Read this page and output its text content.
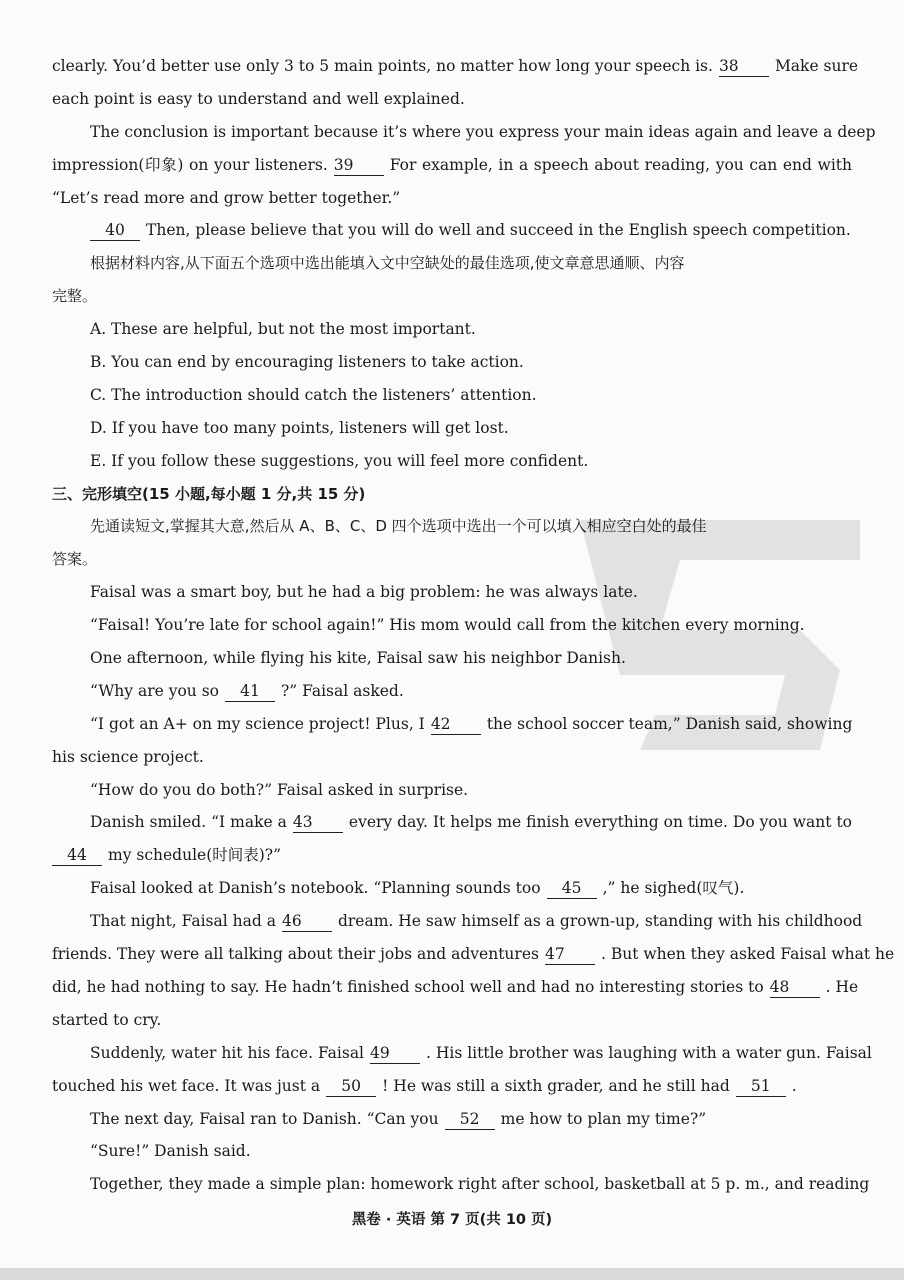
clearly. You’d better use only 3 to 5 main points, no matter how long your speech is. 38 Make sure
each point is easy to understand and well explained.
The conclusion is important because it’s where you express your main ideas again and leave a deep
impression(印象) on your listeners. 39 For example, in a speech about reading, you can end with
“Let’s read more and grow better together.”
40 Then, please believe that you will do well and succeed in the English speech competition.
根据材料内容,从下面五个选项中选出能填入文中空缺处的最佳选项,使文章意思通顺、内容
完整。
A. These are helpful, but not the most important.
B. You can end by encouraging listeners to take action.
C. The introduction should catch the listeners’ attention.
D. If you have too many points, listeners will get lost.
E. If you follow these suggestions, you will feel more confident.
三、完形填空(15 小题,每小题 1 分,共 15 分)
先通读短文,掌握其大意,然后从 A、B、C、D 四个选项中选出一个可以填入相应空白处的最佳
答案。
Faisal was a smart boy, but he had a big problem: he was always late.
“Faisal! You’re late for school again!” His mom would call from the kitchen every morning.
One afternoon, while flying his kite, Faisal saw his neighbor Danish.
“Why are you so 41 ?” Faisal asked.
“I got an A+ on my science project! Plus, I 42 the school soccer team,” Danish said, showing
his science project.
“How do you do both?” Faisal asked in surprise.
Danish smiled. “I make a 43 every day. It helps me finish everything on time. Do you want to
44 my schedule(时间表)?”
Faisal looked at Danish’s notebook. “Planning sounds too 45 ,” he sighed(叹气).
That night, Faisal had a 46 dream. He saw himself as a grown-up, standing with his childhood
friends. They were all talking about their jobs and adventures 47 . But when they asked Faisal what he
did, he had nothing to say. He hadn’t finished school well and had no interesting stories to 48 . He
started to cry.
Suddenly, water hit his face. Faisal 49 . His little brother was laughing with a water gun. Faisal
touched his wet face. It was just a 50 ! He was still a sixth grader, and he still had 51 .
The next day, Faisal ran to Danish. “Can you 52 me how to plan my time?”
“Sure!” Danish said.
Together, they made a simple plan: homework right after school, basketball at 5 p. m., and reading
黑卷 · 英语 第 7 页(共 10 页)
